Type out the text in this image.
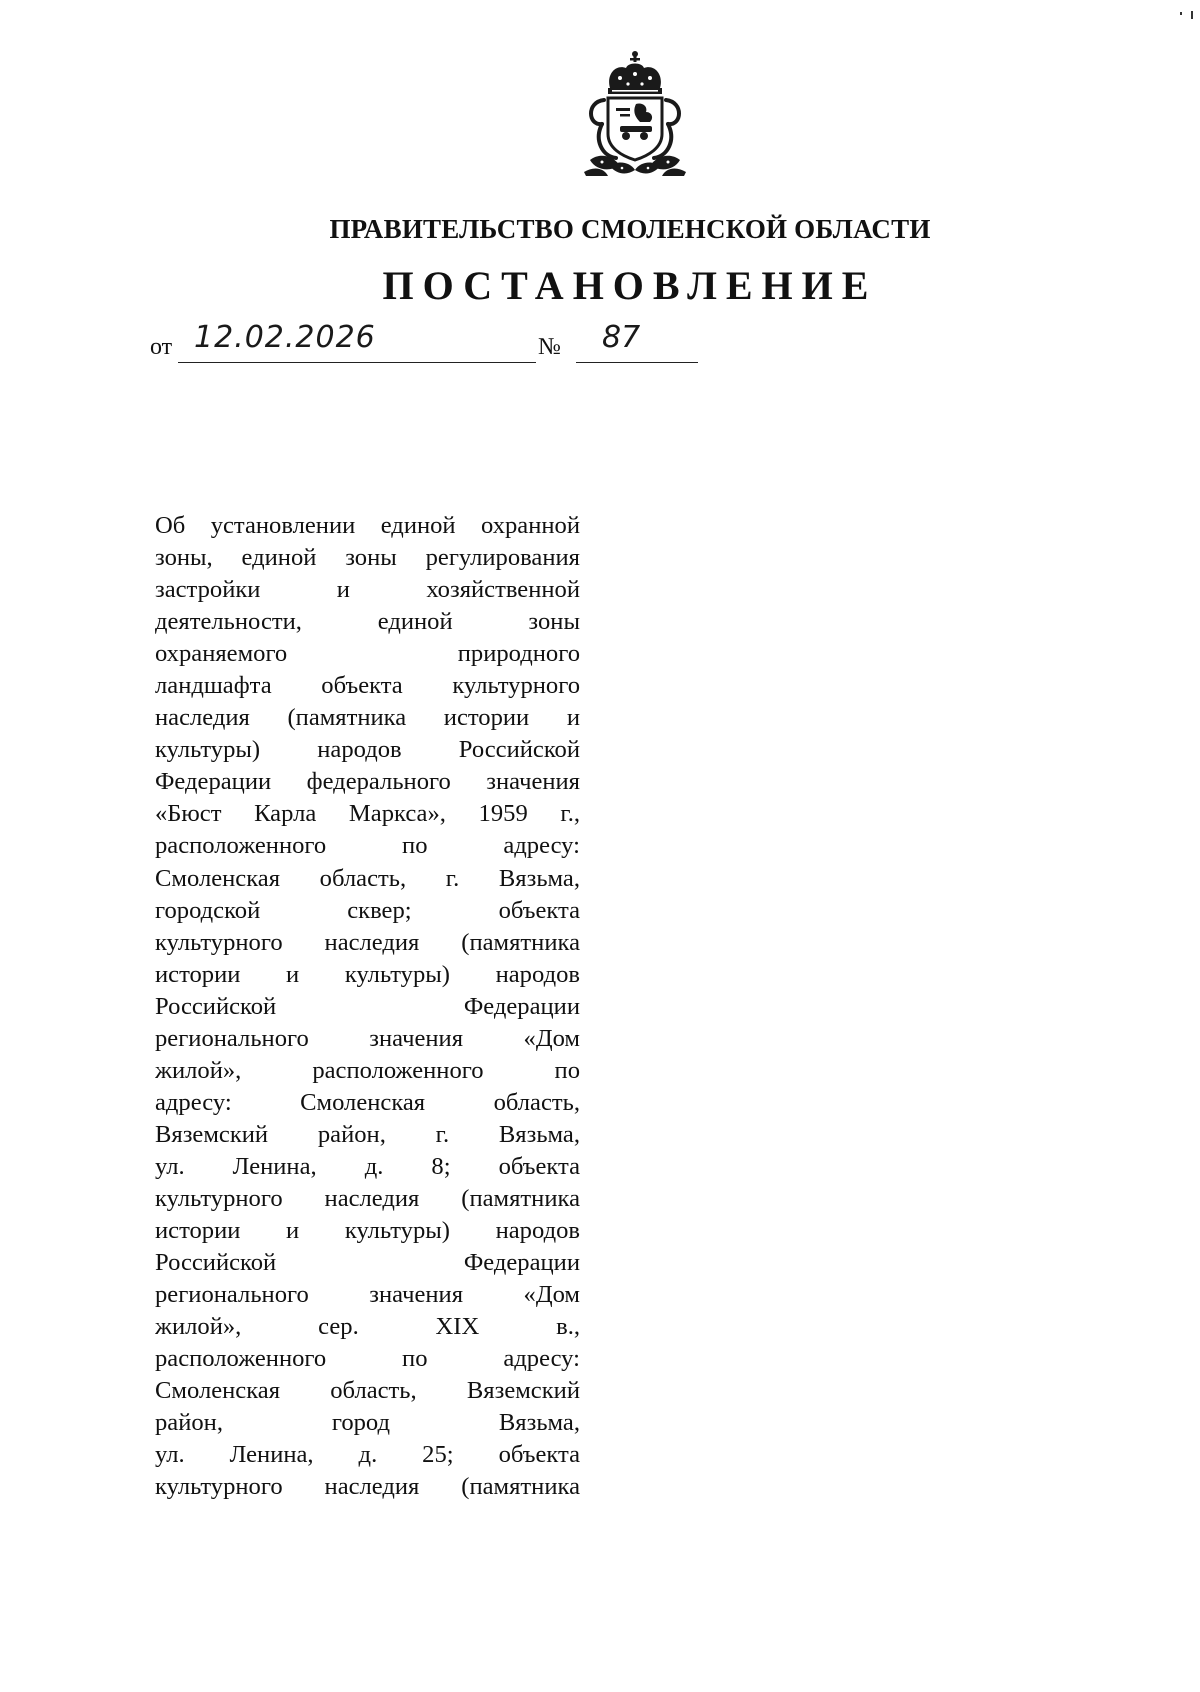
ПРАВИТЕЛЬСТВО СМОЛЕНСКОЙ ОБЛАСТИ
ПОСТАНОВЛЕНИЕ
от 12.02.2026	№ 87
Об установлении единой охранной
зоны, единой зоны регулирования
застройки и хозяйственной
деятельности, единой зоны
охраняемого природного
ландшафта объекта культурного
наследия (памятника истории и
культуры) народов Российской
Федерации федерального значения
«Бюст Карла Маркса», 1959 г.,
расположенного по адресу:
Смоленская область, г. Вязьма,
городской сквер; объекта
культурного наследия (памятника
истории и культуры) народов
Российской Федерации
регионального значения «Дом
жилой», расположенного по
адресу: Смоленская область,
Вяземский район, г. Вязьма,
ул. Ленина, д. 8; объекта
культурного наследия (памятника
истории и культуры) народов
Российской Федерации
регионального значения «Дом
жилой», сер. XIX в.,
расположенного по адресу:
Смоленская область, Вяземский
район, город Вязьма,
ул. Ленина, д. 25; объекта
культурного наследия (памятника
